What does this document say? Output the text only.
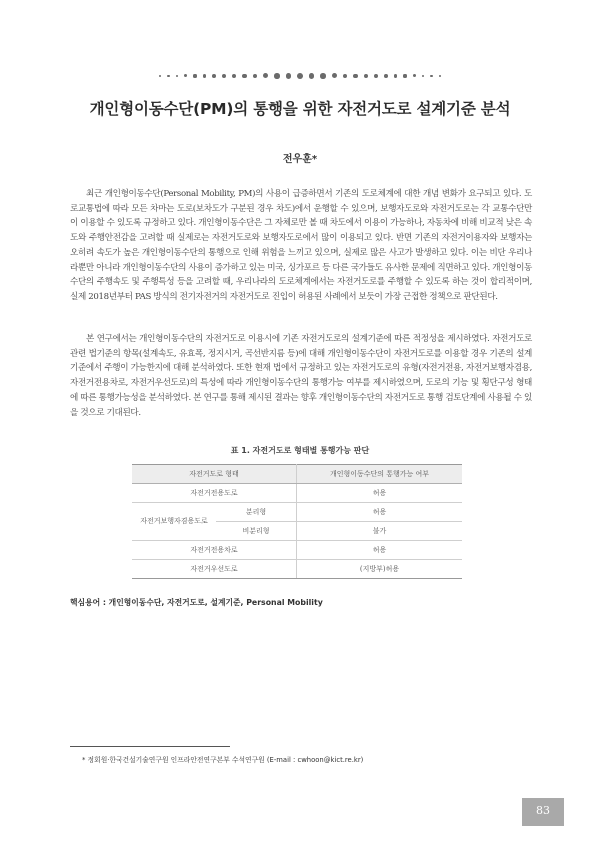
개인형이동수단(PM)의 통행을 위한 자전거도로 설계기준 분석
전우훈*

최근 개인형이동수단(Personal Mobility, PM)의 사용이 급증하면서 기존의 도로체계에 대한 개념 변화가 요구되고 있다. 도로교통법에 따라 모든 차마는 도로(보차도가 구분된 경우 차도)에서 운행할 수 있으며, 보행자도로와 자전거도로는 각 교통수단만이 이용할 수 있도록 규정하고 있다. 개인형이동수단은 그 자체로만 볼 때 차도에서 이용이 가능하나, 자동차에 비해 비교적 낮은 속도와 주행안전감을 고려할 때 실제로는 자전거도로와 보행자도로에서 많이 이용되고 있다. 반면 기존의 자전거이용자와 보행자는 오히려 속도가 높은 개인형이동수단의 통행으로 인해 위험을 느끼고 있으며, 실제로 많은 사고가 발생하고 있다. 이는 비단 우리나라뿐만 아니라 개인형이동수단의 사용이 증가하고 있는 미국, 싱가포르 등 다른 국가들도 유사한 문제에 직면하고 있다. 개인형이동수단의 주행속도 및 주행특성 등을 고려할 때, 우리나라의 도로체계에서는 자전거도로를 주행할 수 있도록 하는 것이 합리적이며, 실제 2018년부터 PAS 방식의 전기자전거의 자전거도로 진입이 허용된 사례에서 보듯이 가장 근접한 정책으로 판단된다.

본 연구에서는 개인형이동수단의 자전거도로 이용시에 기존 자전거도로의 설계기준에 따른 적정성을 제시하였다. 자전거도로 관련 법기준의 항목(설계속도, 유효폭, 정지시거, 곡선반지름 등)에 대해 개인형이동수단이 자전거도로를 이용할 경우 기존의 설계기준에서 주행이 가능한지에 대해 분석하였다. 또한 현재 법에서 규정하고 있는 자전거도로의 유형(자전거전용, 자전거보행자겸용, 자전거전용차로, 자전거우선도로)의 특성에 따라 개인형이동수단의 통행가능 여부를 제시하였으며, 도로의 기능 및 횡단구성 형태에 따른 통행가능성을 분석하였다. 본 연구를 통해 제시된 결과는 향후 개인형이동수단의 자전거도로 통행 검토단계에 사용될 수 있을 것으로 기대된다.

표 1. 자전거도로 형태별 통행가능 판단
자전거도로 형태		개인형이동수단의 통행가능 여부
자전거전용도로		허용
자전거보행자겸용도로	분리형	허용
	비분리형	불가
자전거전용차로		허용
자전거우선도로		(지방부)허용
핵심용어 : 개인형이동수단, 자전거도로, 설계기준, Personal Mobility
* 정회원·한국건설기술연구원 인프라안전연구본부 수석연구원 (E-mail : cwhoon@kict.re.kr)
83
